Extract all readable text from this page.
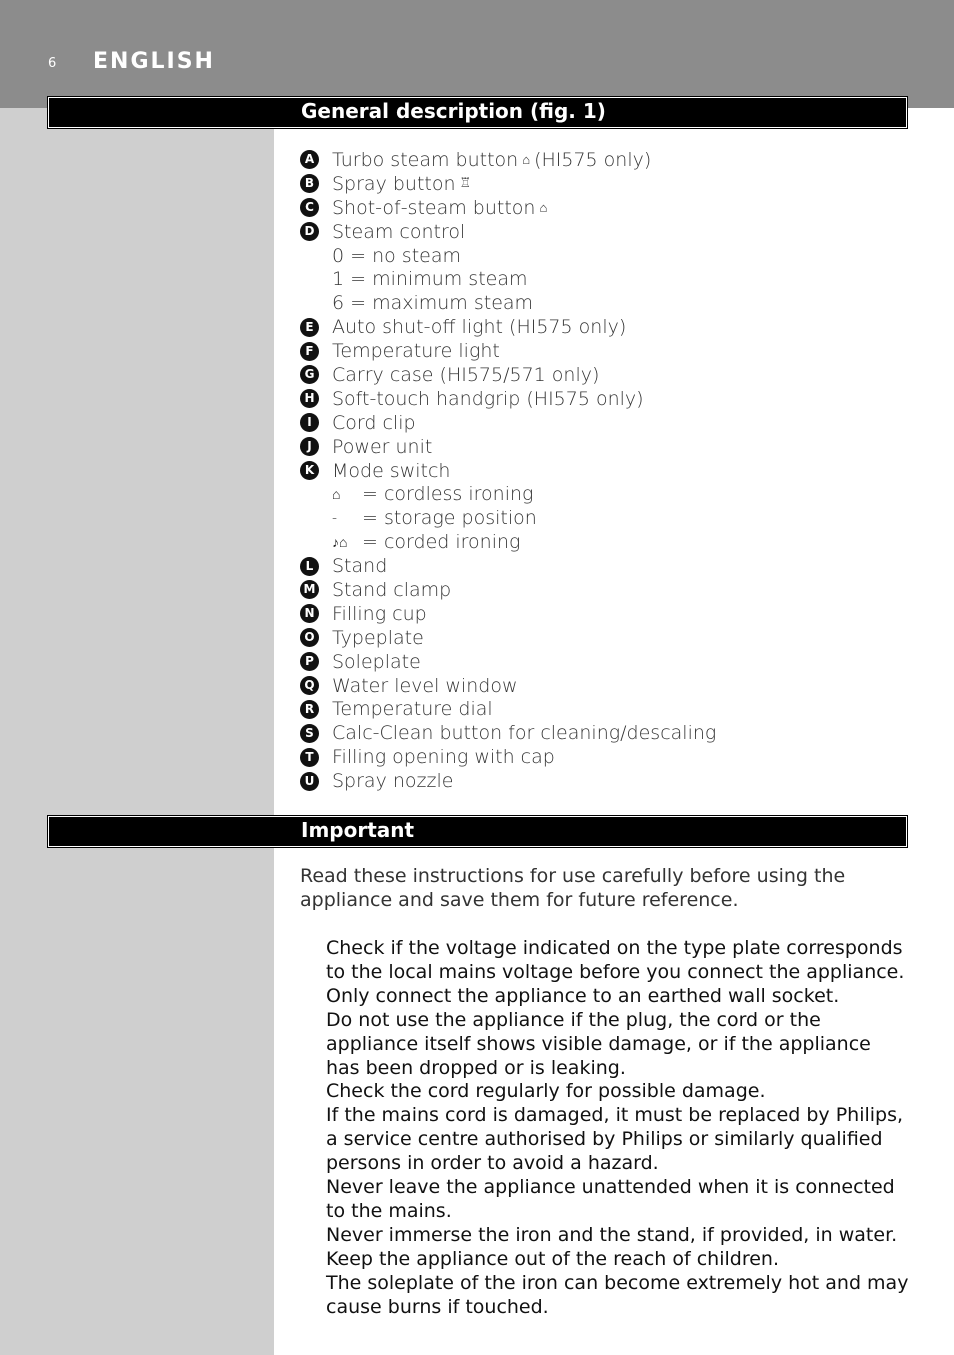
6 ENGLISH
General description (fig. 1)
A Turbo steam button ⌂ (HI575 only)
B Spray button ♖
C Shot-of-steam button ⌂
D Steam control
0 = no steam
1 = minimum steam
6 = maximum steam
E Auto shut-off light (HI575 only)
F Temperature light
G Carry case (HI575/571 only)
H Soft-touch handgrip (HI575 only)
I	Cord clip
J	Power unit
K Mode switch
⌂	= cordless ironing
-	= storage position
♪⌂ = corded ironing
L Stand
M Stand clamp
N Filling cup
O Typeplate
P Soleplate
Q Water level window
R Temperature dial
S Calc-Clean button for cleaning/descaling
T Filling opening with cap
U Spray nozzle
Important
Read these instructions for use carefully before using the appliance and save them for future reference.

Check if the voltage indicated on the type plate corresponds to the local mains voltage before you connect the appliance.

Only connect the appliance to an earthed wall socket.

Do not use the appliance if the plug, the cord or the appliance itself shows visible damage, or if the appliance has been dropped or is leaking.

Check the cord regularly for possible damage.

If the mains cord is damaged, it must be replaced by Philips, a service centre authorised by Philips or similarly qualified persons in order to avoid a hazard.

Never leave the appliance unattended when it is connected to the mains.

Never immerse the iron and the stand, if provided, in water.

Keep the appliance out of the reach of children.

The soleplate of the iron can become extremely hot and may cause burns if touched.
